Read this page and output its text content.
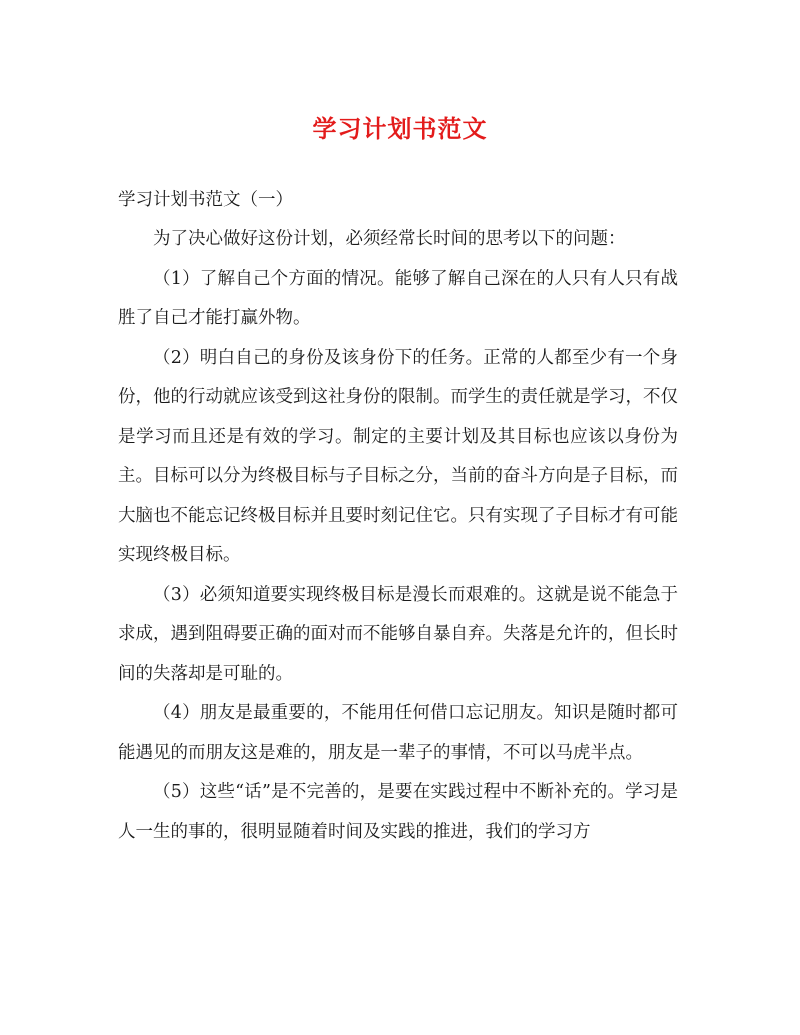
学习计划书范文

学习计划书范文（一）

为了决心做好这份计划，必须经常长时间的思考以下的问题：

（1）了解自己个方面的情况。能够了解自己深在的人只有人只有战胜了自己才能打赢外物。

（2）明白自己的身份及该身份下的任务。正常的人都至少有一个身份，他的行动就应该受到这社身份的限制。而学生的责任就是学习，不仅是学习而且还是有效的学习。制定的主要计划及其目标也应该以身份为主。目标可以分为终极目标与子目标之分，当前的奋斗方向是子目标，而大脑也不能忘记终极目标并且要时刻记住它。只有实现了子目标才有可能实现终极目标。

（3）必须知道要实现终极目标是漫长而艰难的。这就是说不能急于求成，遇到阻碍要正确的面对而不能够自暴自弃。失落是允许的，但长时间的失落却是可耻的。

（4）朋友是最重要的，不能用任何借口忘记朋友。知识是随时都可能遇见的而朋友这是难的，朋友是一辈子的事情，不可以马虎半点。

（5）这些“话”是不完善的，是要在实践过程中不断补充的。学习是人一生的事的，很明显随着时间及实践的推进，我们的学习方
